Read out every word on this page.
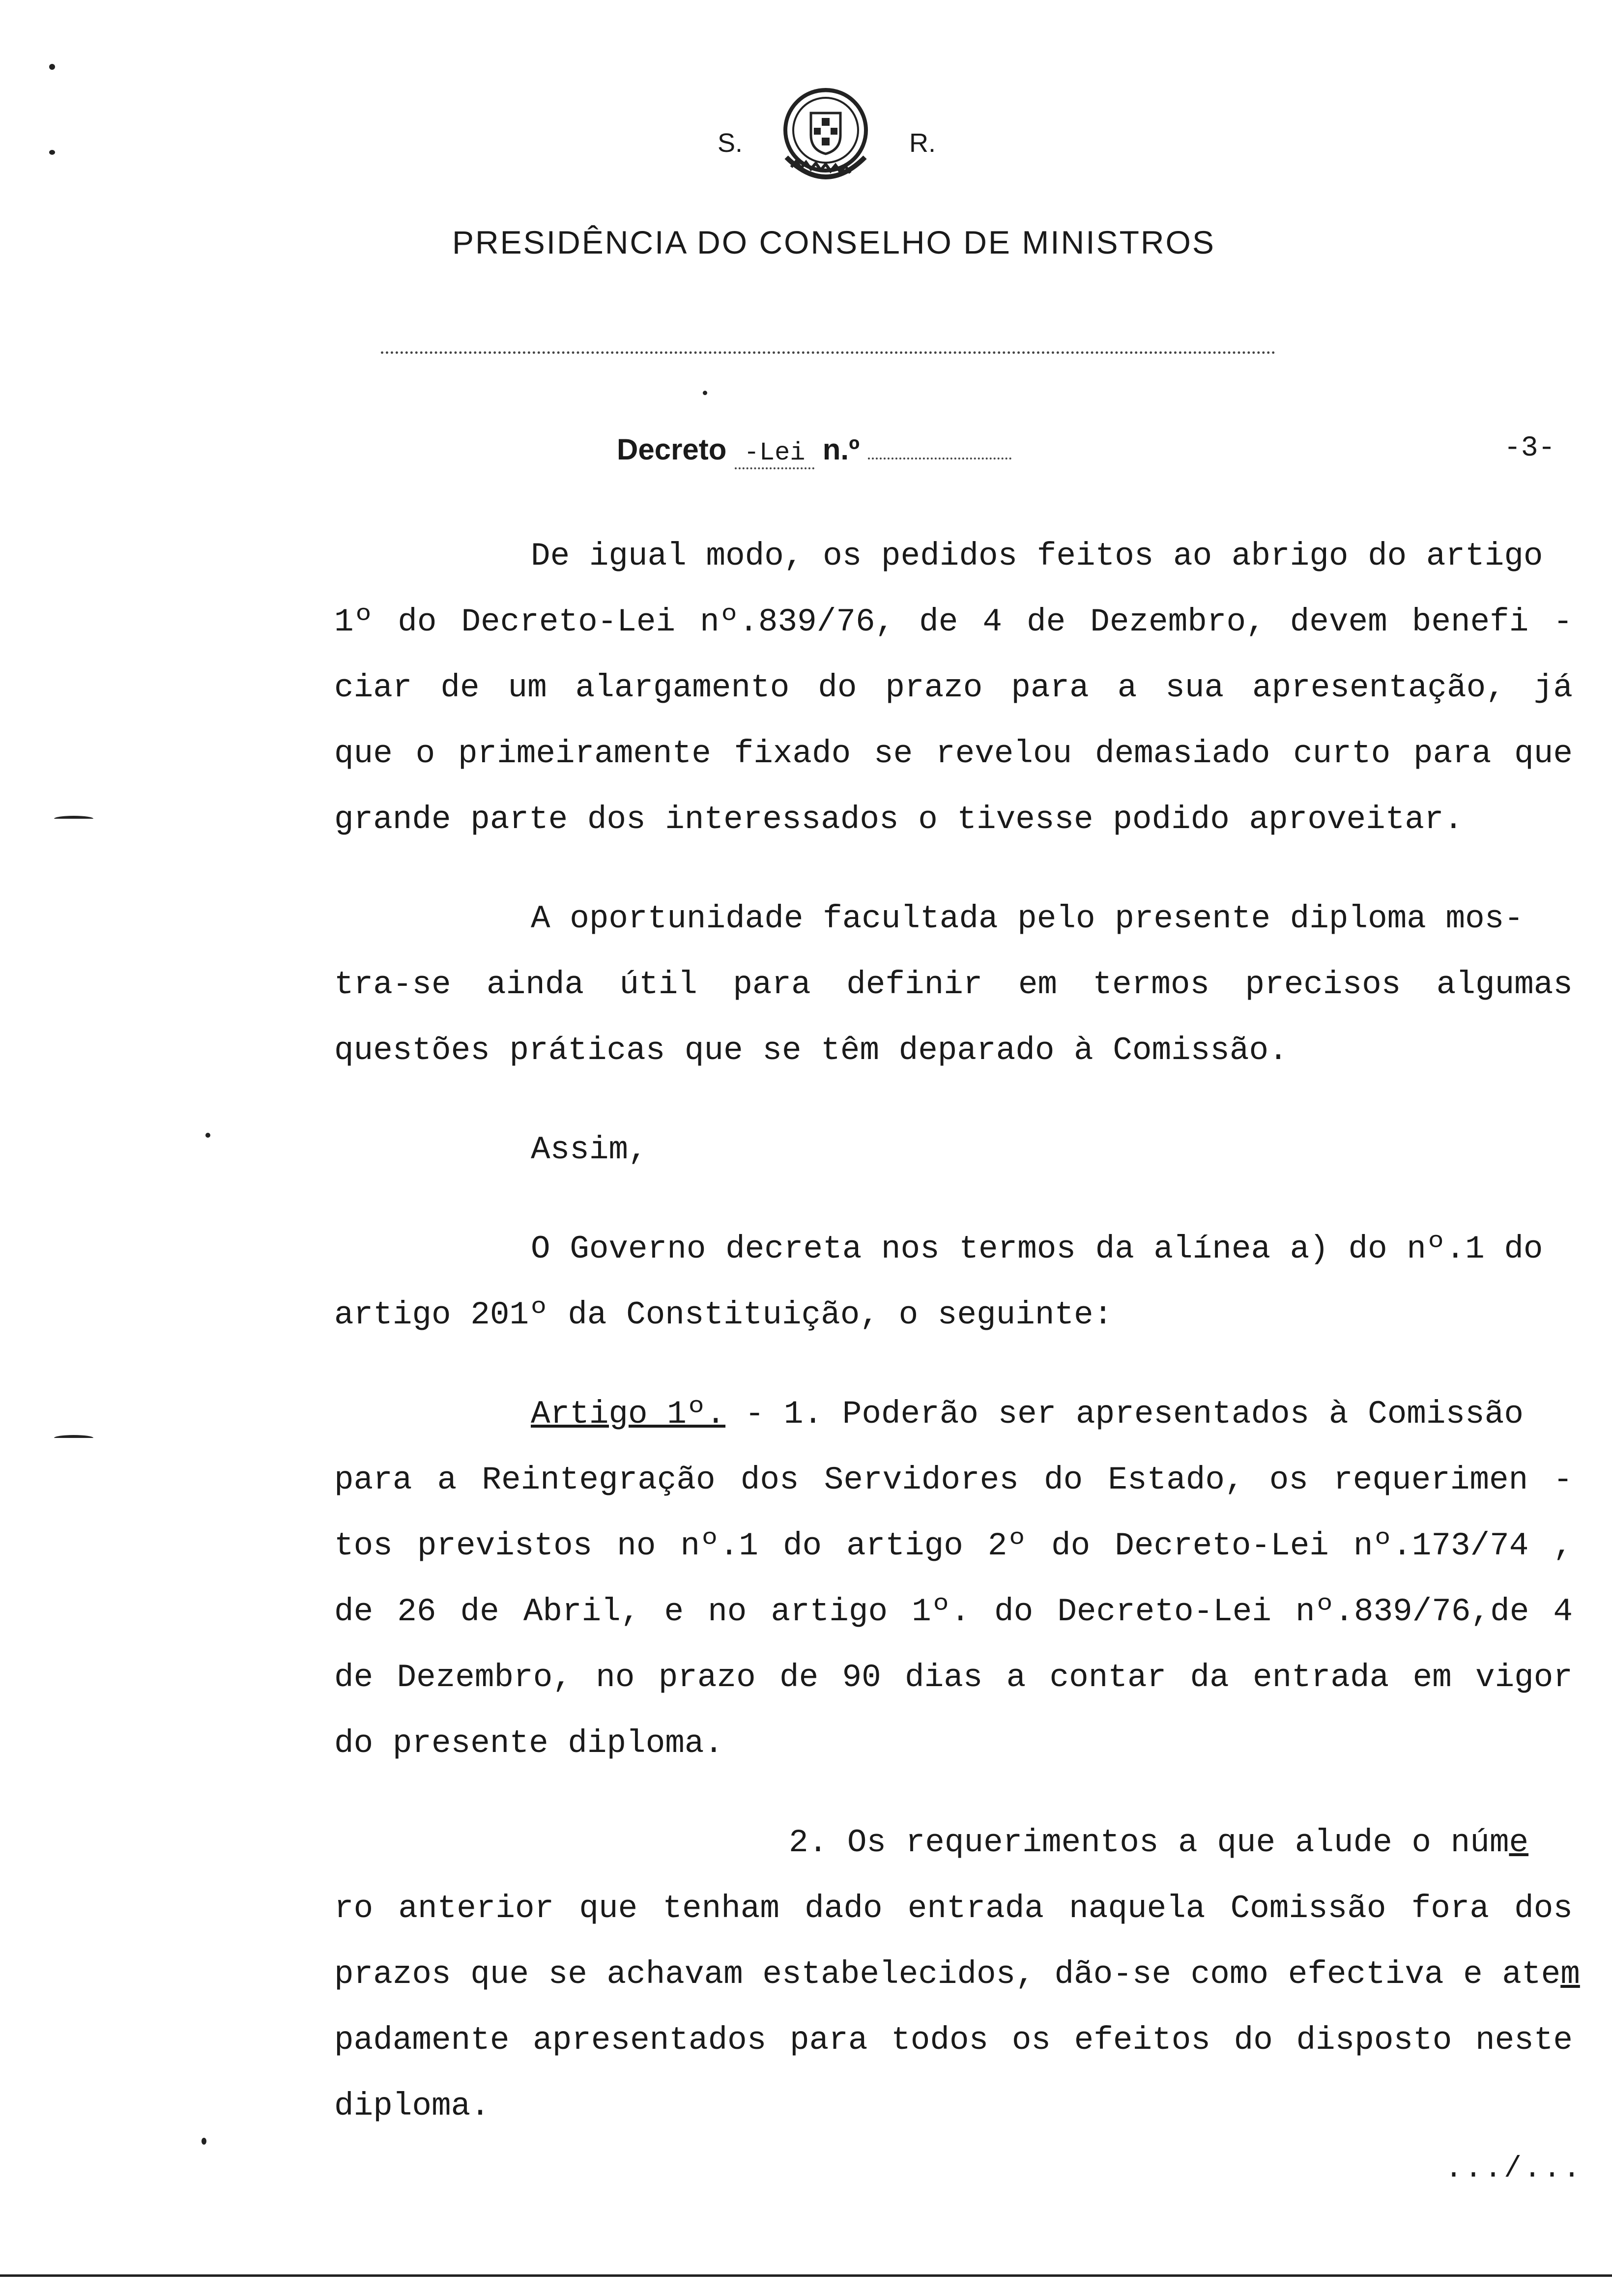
S.	R.
PRESIDÊNCIA DO CONSELHO DE MINISTROS
Decreto -Lei n.º	-3-
De igual modo, os pedidos feitos ao abrigo do artigo
1º do Decreto-Lei nº.839/76, de 4 de Dezembro, devem benefi -
ciar de um alargamento do prazo para a sua apresentação, já
que o primeiramente fixado se revelou demasiado curto para que
grande parte dos interessados o tivesse podido aproveitar.
A oportunidade facultada pelo presente diploma mos-
tra-se ainda útil para definir em termos precisos algumas
questões práticas que se têm deparado à Comissão.
Assim,
O Governo decreta nos termos da alínea a) do nº.1 do
artigo 201º da Constituição, o seguinte:
Artigo 1º. - 1. Poderão ser apresentados à Comissão
para a Reintegração dos Servidores do Estado, os requerimen -
tos previstos no nº.1 do artigo 2º do Decreto-Lei nº.173/74 ,
de 26 de Abril, e no artigo 1º. do Decreto-Lei nº.839/76,de 4
de Dezembro, no prazo de 90 dias a contar da entrada em vigor
do presente diploma.
2. Os requerimentos a que alude o núme
ro anterior que tenham dado entrada naquela Comissão fora dos
prazos que se achavam estabelecidos, dão-se como efectiva e atem
padamente apresentados para todos os efeitos do disposto neste
diploma.
.../...
